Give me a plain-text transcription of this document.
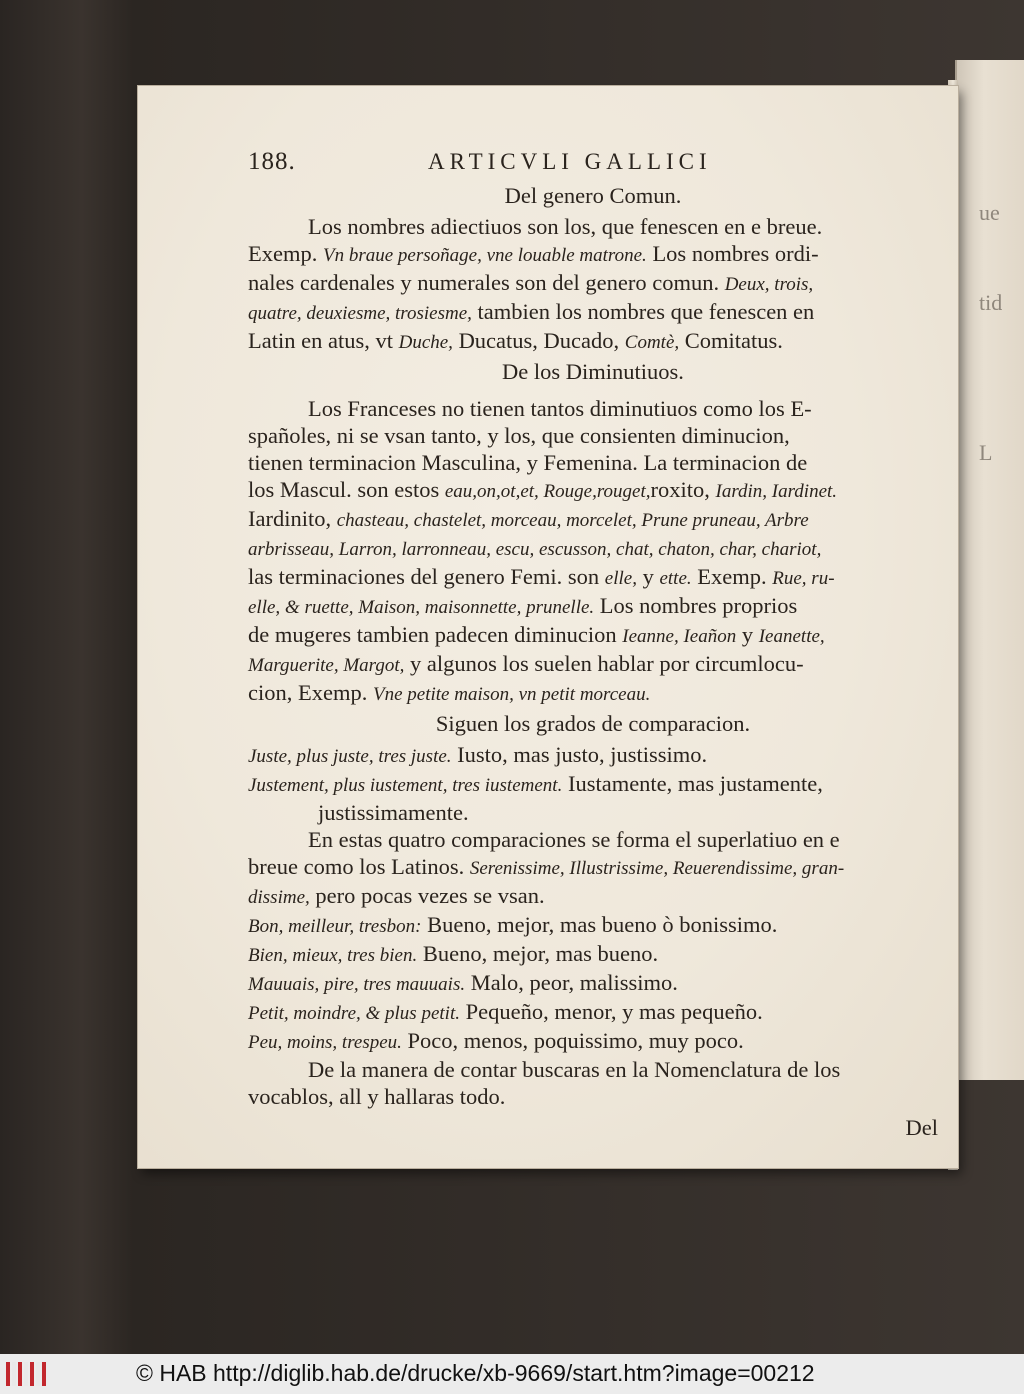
ue
tid
L
188.	ARTICVLI GALLICI
Del genero Comun.
Los nombres adiectiuos son los, que fenescen en e breue.
Exemp. Vn braue persoñage, vne louable matrone. Los nombres ordi-
nales cardenales y numerales son del genero comun. Deux, trois,
quatre, deuxiesme, trosiesme, tambien los nombres que fenescen en
Latin en atus, vt Duche, Ducatus, Ducado, Comtè, Comitatus.
De los Diminutiuos.
Los Franceses no tienen tantos diminutiuos como los E-
spañoles, ni se vsan tanto, y los, que consienten diminucion,
tienen terminacion Masculina, y Femenina. La terminacion de
los Mascul. son estos eau,on,ot,et, Rouge,rouget,roxito, Iardin, Iardinet.
Iardinito, chasteau, chastelet, morceau, morcelet, Prune pruneau, Arbre
arbrisseau, Larron, larronneau, escu, escusson, chat, chaton, char, chariot,
las terminaciones del genero Femi. son elle, y ette. Exemp. Rue, ru-
elle, & ruette, Maison, maisonnette, prunelle. Los nombres proprios
de mugeres tambien padecen diminucion Ieanne, Ieañon y Ieanette,
Marguerite, Margot, y algunos los suelen hablar por circumlocu-
cion, Exemp. Vne petite maison, vn petit morceau.
Siguen los grados de comparacion.
Juste, plus juste, tres juste. Iusto, mas justo, justissimo.
Justement, plus iustement, tres iustement. Iustamente, mas justamente,
justissimamente.
En estas quatro comparaciones se forma el superlatiuo en e
breue como los Latinos. Serenissime, Illustrissime, Reuerendissime, gran-
dissime, pero pocas vezes se vsan.
Bon, meilleur, tresbon: Bueno, mejor, mas bueno ò bonissimo.
Bien, mieux, tres bien. Bueno, mejor, mas bueno.
Mauuais, pire, tres mauuais. Malo, peor, malissimo.
Petit, moindre, & plus petit. Pequeño, menor, y mas pequeño.
Peu, moins, trespeu. Poco, menos, poquissimo, muy poco.
De la manera de contar buscaras en la Nomenclatura de los
vocablos, all y hallaras todo.
Del
© HAB http://diglib.hab.de/drucke/xb-9669/start.htm?image=00212
